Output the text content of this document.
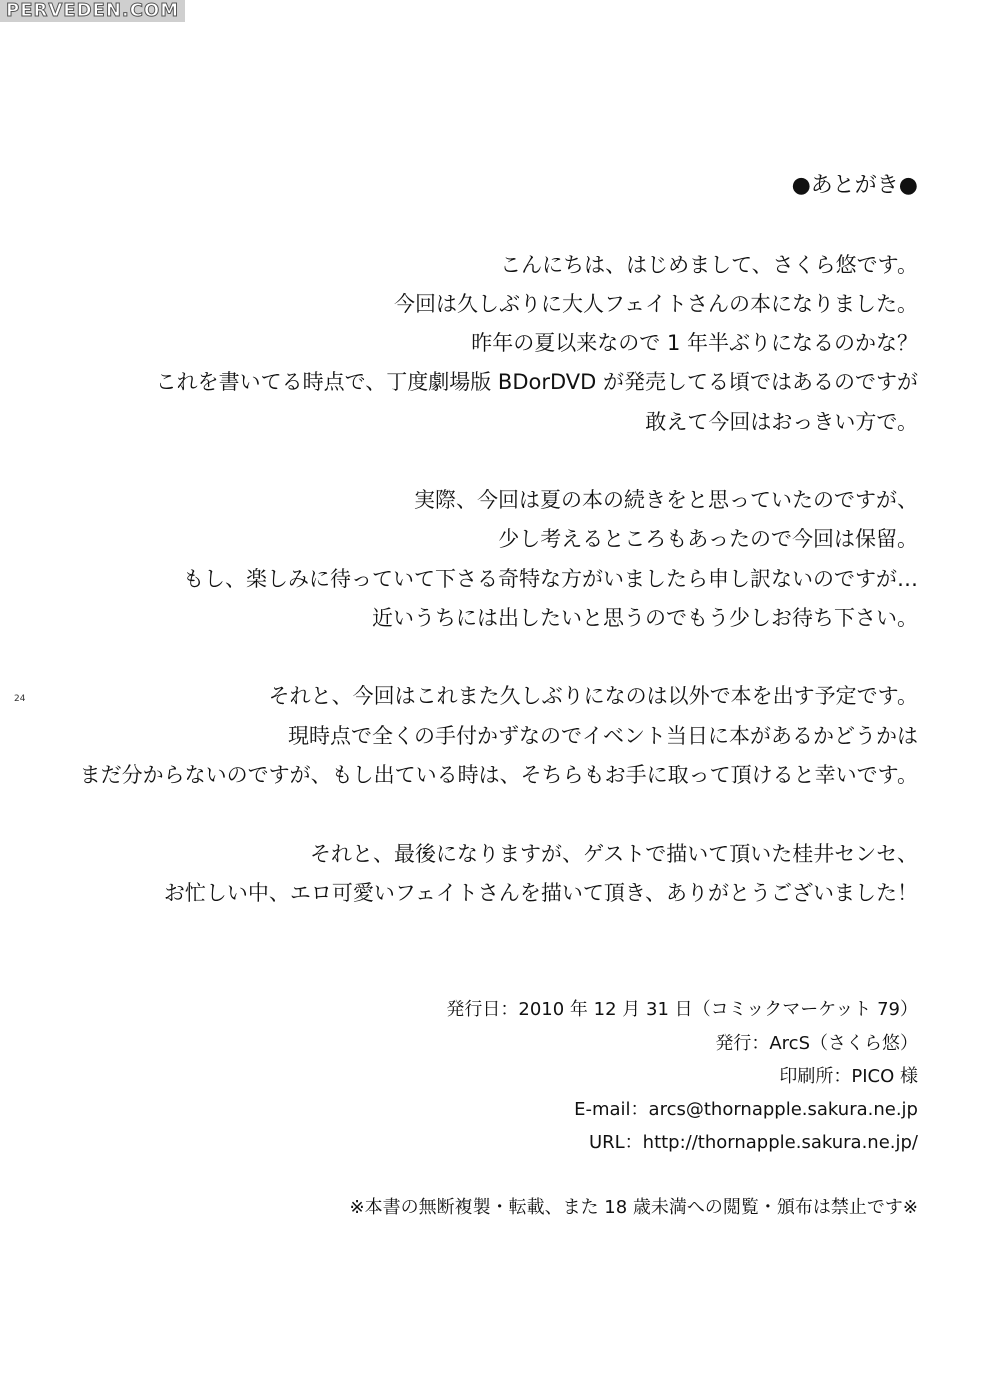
PERVEDEN.COM
24
●あとがき●
こんにちは、はじめまして、さくら悠です。
今回は久しぶりに大人フェイトさんの本になりました。
昨年の夏以来なので 1 年半ぶりになるのかな？
これを書いてる時点で、丁度劇場版 BDorDVD が発売してる頃ではあるのですが
敢えて今回はおっきい方で。
実際、今回は夏の本の続きをと思っていたのですが、
少し考えるところもあったので今回は保留。
もし、楽しみに待っていて下さる奇特な方がいましたら申し訳ないのですが…
近いうちには出したいと思うのでもう少しお待ち下さい。
それと、今回はこれまた久しぶりになのは以外で本を出す予定です。
現時点で全くの手付かずなのでイベント当日に本があるかどうかは
まだ分からないのですが、もし出ている時は、そちらもお手に取って頂けると幸いです。
それと、最後になりますが、ゲストで描いて頂いた桂井センセ、
お忙しい中、エロ可愛いフェイトさんを描いて頂き、ありがとうございました！
発行日：2010 年 12 月 31 日（コミックマーケット 79）
発行：ArcS（さくら悠）
印刷所：PICO 様
E-mail：arcs@thornapple.sakura.ne.jp
URL：http://thornapple.sakura.ne.jp/
※本書の無断複製・転載、また 18 歳未満への閲覧・頒布は禁止です※
